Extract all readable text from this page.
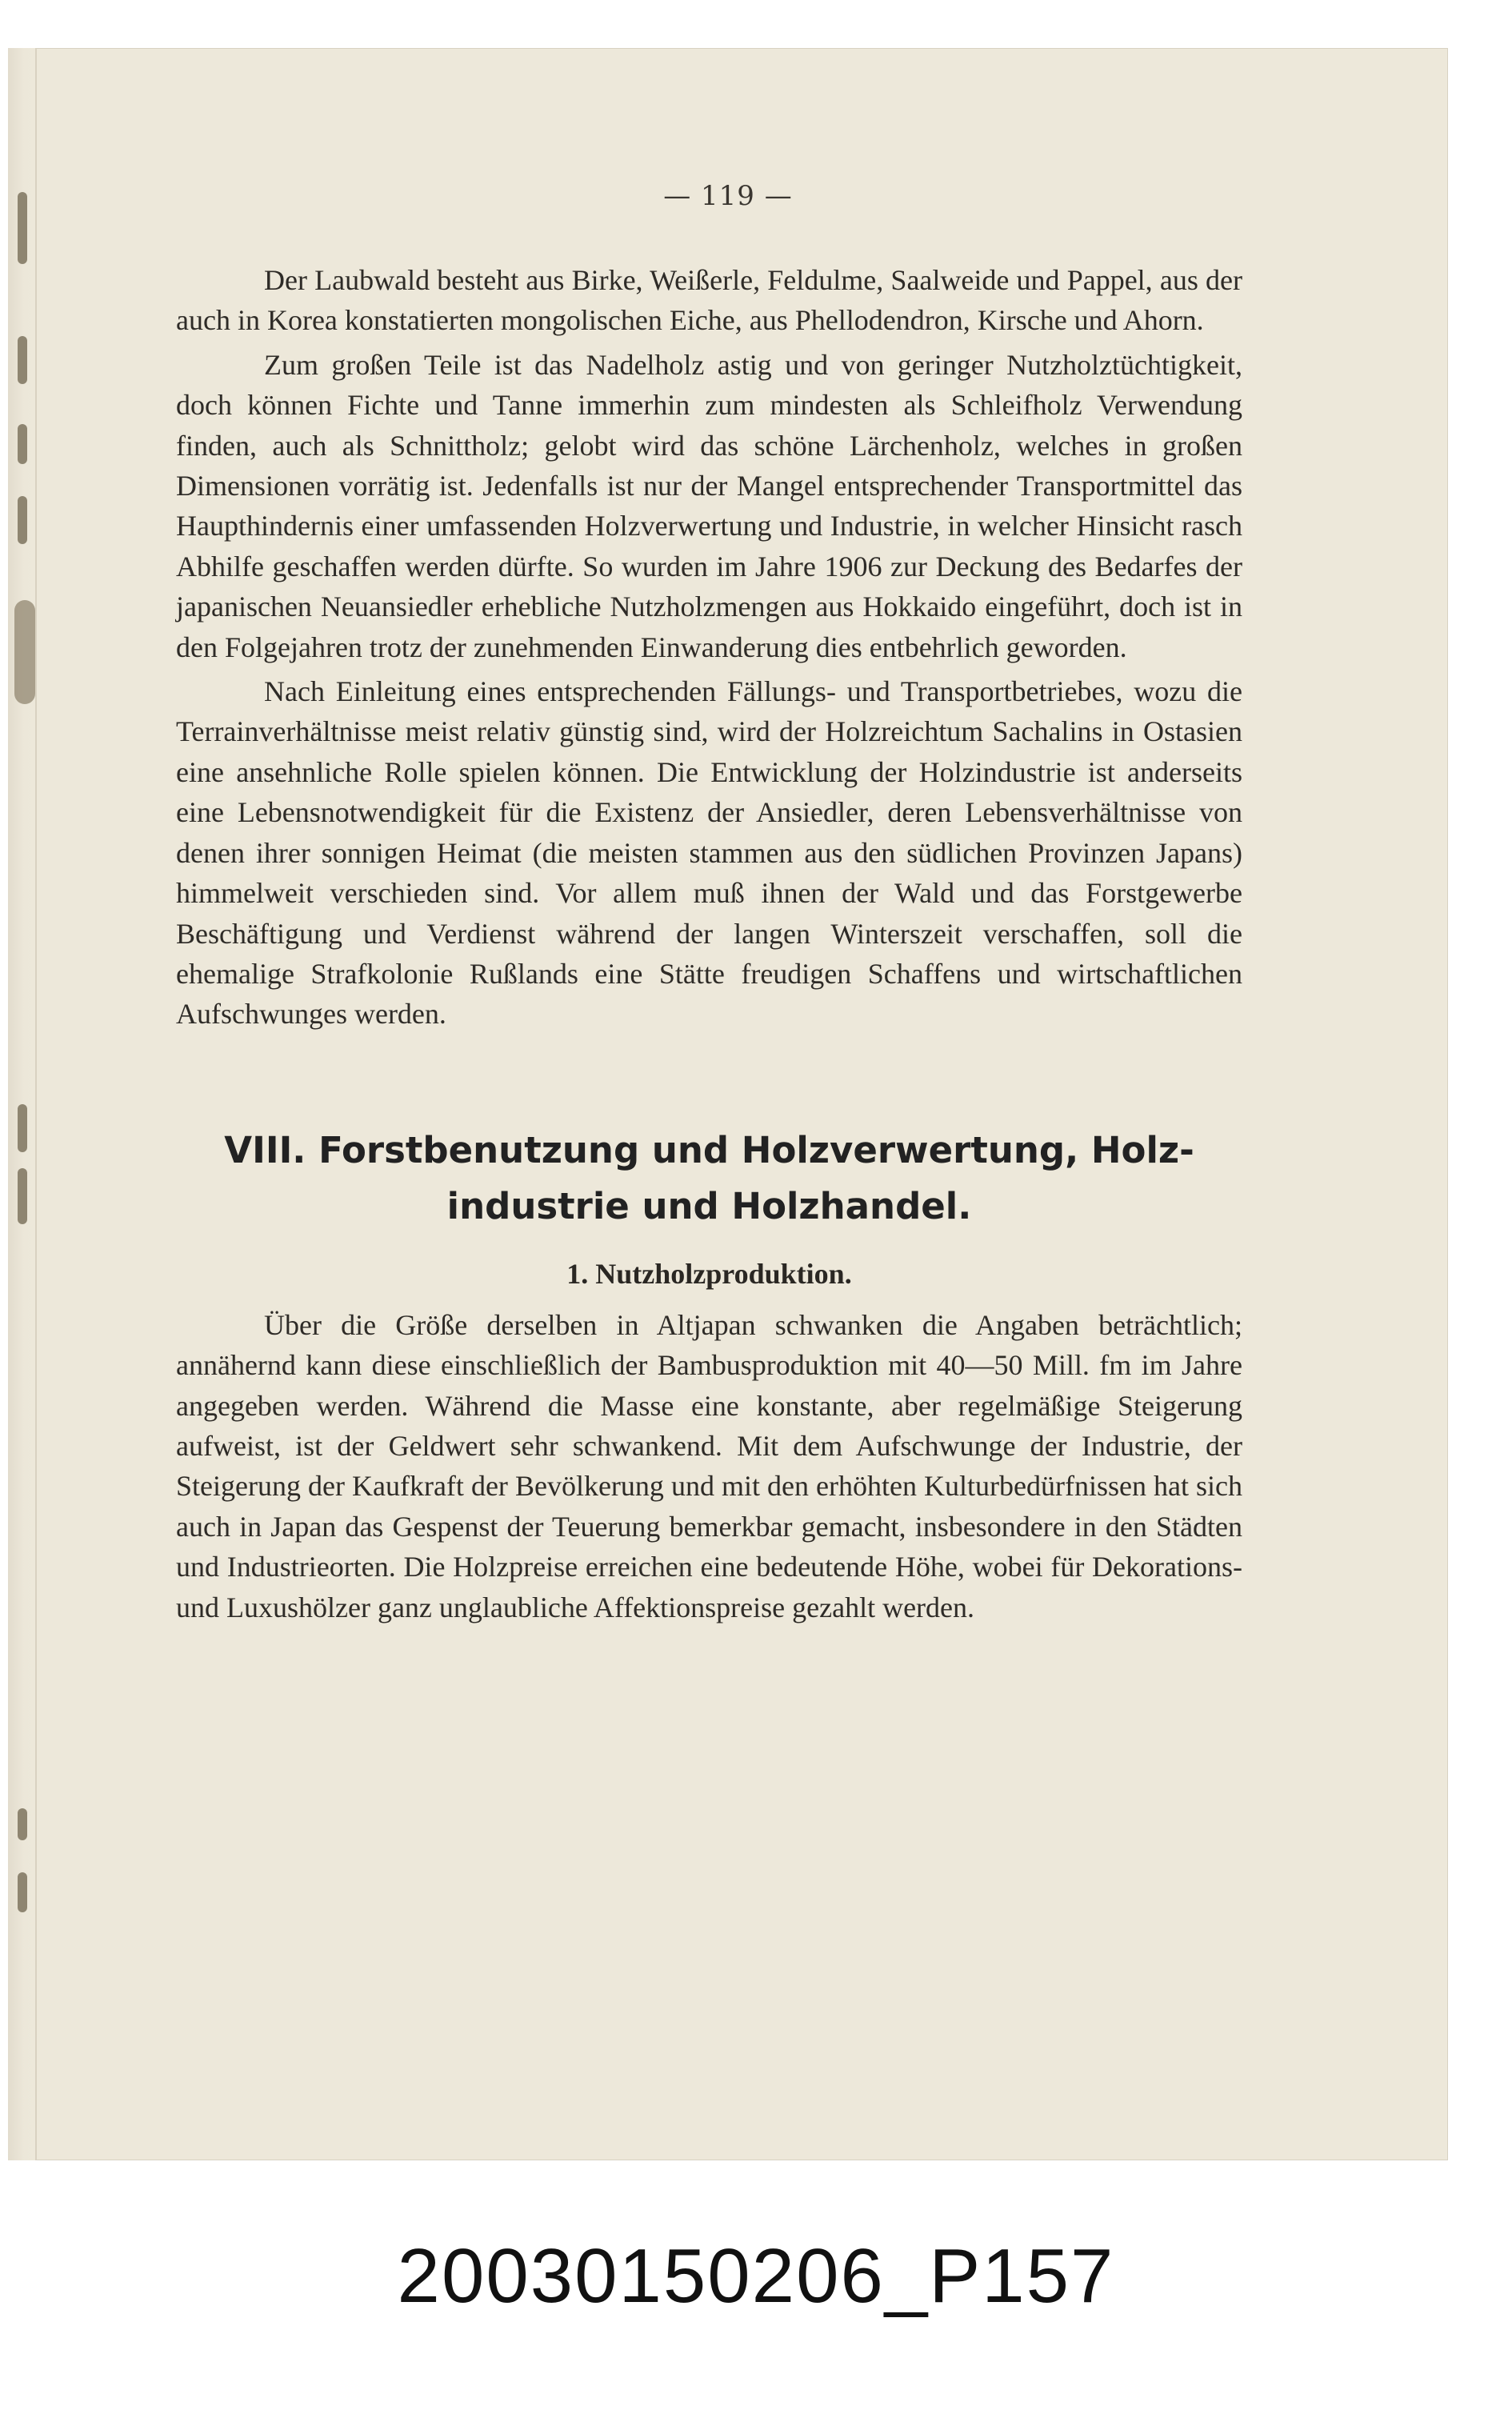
— 119 —

Der Laubwald besteht aus Birke, Weißerle, Feldulme, Saalweide und Pappel, aus der auch in Korea konstatierten mongolischen Eiche, aus Phellodendron, Kirsche und Ahorn.

Zum großen Teile ist das Nadelholz astig und von geringer Nutzholztüchtigkeit, doch können Fichte und Tanne immerhin zum mindesten als Schleifholz Verwendung finden, auch als Schnittholz; gelobt wird das schöne Lärchenholz, welches in großen Dimensionen vorrätig ist. Jedenfalls ist nur der Mangel entsprechender Transportmittel das Haupthindernis einer umfassenden Holzverwertung und Industrie, in welcher Hinsicht rasch Abhilfe geschaffen werden dürfte. So wurden im Jahre 1906 zur Deckung des Bedarfes der japanischen Neuansiedler erhebliche Nutzholzmengen aus Hokkaido eingeführt, doch ist in den Folgejahren trotz der zunehmenden Einwanderung dies entbehrlich geworden.

Nach Einleitung eines entsprechenden Fällungs- und Transportbetriebes, wozu die Terrainverhältnisse meist relativ günstig sind, wird der Holzreichtum Sachalins in Ostasien eine ansehnliche Rolle spielen können. Die Entwicklung der Holzindustrie ist anderseits eine Lebensnotwendigkeit für die Existenz der Ansiedler, deren Lebensverhältnisse von denen ihrer sonnigen Heimat (die meisten stammen aus den südlichen Provinzen Japans) himmelweit verschieden sind. Vor allem muß ihnen der Wald und das Forstgewerbe Beschäftigung und Verdienst während der langen Winterszeit verschaffen, soll die ehemalige Strafkolonie Rußlands eine Stätte freudigen Schaffens und wirtschaftlichen Aufschwunges werden.

VIII. Forstbenutzung und Holzverwertung, Holz-
industrie und Holzhandel.
1. Nutzholzproduktion.

Über die Größe derselben in Altjapan schwanken die Angaben beträchtlich; annähernd kann diese einschließlich der Bambusproduktion mit 40—50 Mill. fm im Jahre angegeben werden. Während die Masse eine konstante, aber regelmäßige Steigerung aufweist, ist der Geldwert sehr schwankend. Mit dem Aufschwunge der Industrie, der Steigerung der Kaufkraft der Bevölkerung und mit den erhöhten Kulturbedürfnissen hat sich auch in Japan das Gespenst der Teuerung bemerkbar gemacht, insbesondere in den Städten und Industrieorten. Die Holzpreise erreichen eine bedeutende Höhe, wobei für Dekorations- und Luxushölzer ganz unglaubliche Affektionspreise gezahlt werden.

20030150206_P157
